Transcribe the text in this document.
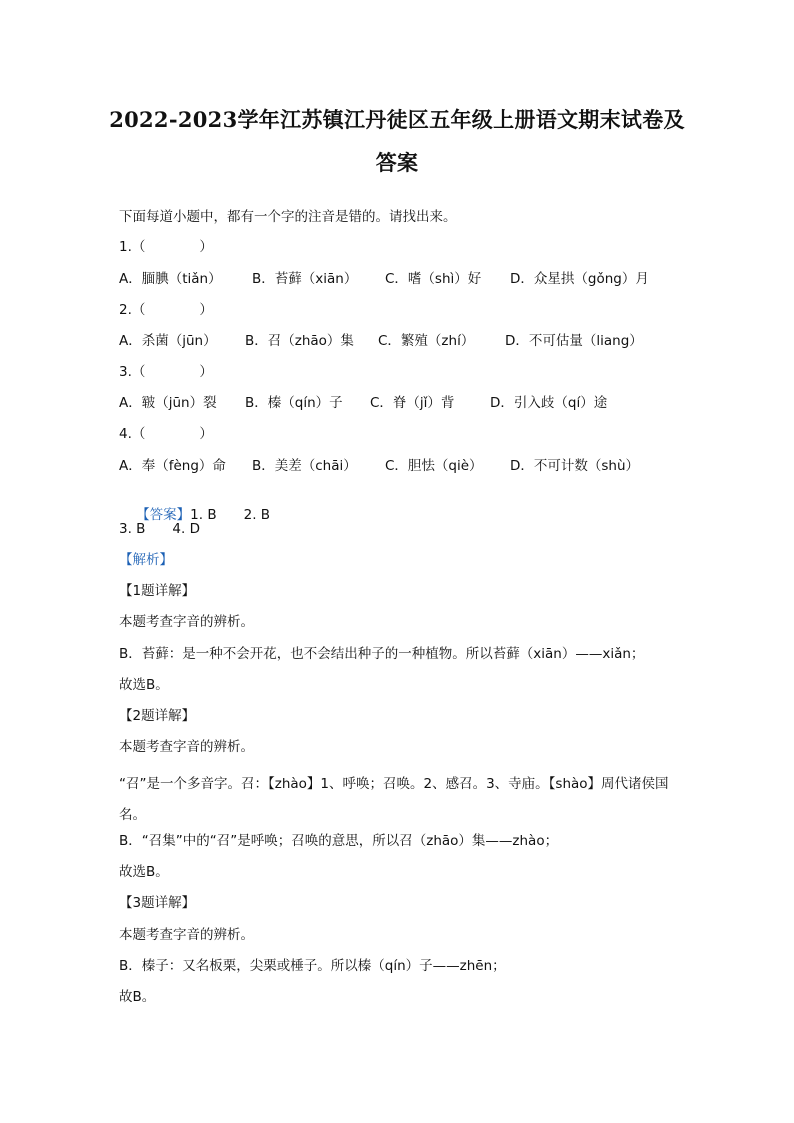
2022-2023学年江苏镇江丹徒区五年级上册语文期末试卷及
答案
下面每道小题中，都有一个字的注音是错的。请找出来。
1.（　　　　）
A．腼腆（tiǎn） B．苔藓（xiān） C．嗜（shì）好 D．众星拱（gǒng）月
2.（　　　　）
A．杀菌（jūn） B．召（zhāo）集 C．繁殖（zhí） D．不可估量（liang）
3.（　　　　）
A．皲（jūn）裂 B．榛（qín）子 C．脊（jǐ）背	D．引入歧（qí）途
4.（　　　　）
A．奉（fèng）命 B．美差（chāi） C．胆怯（qiè） D．不可计数（shù）

【答案】1. B　　2. B

3. B　　4. D
【解析】
【1题详解】
本题考查字音的辨析。
B．苔藓：是一种不会开花，也不会结出种子的一种植物。所以苔藓（xiān）——xiǎn；
故选B。
【2题详解】
本题考查字音的辨析。
“召”是一个多音字。召：【zhào】1、呼唤；召唤。2、感召。3、寺庙。【shào】周代诸侯国名。
B．“召集”中的“召”是呼唤；召唤的意思，所以召（zhāo）集——zhào；
故选B。
【3题详解】
本题考查字音的辨析。
B．榛子：又名板栗，尖栗或棰子。所以榛（qín）子——zhēn；
故B。
